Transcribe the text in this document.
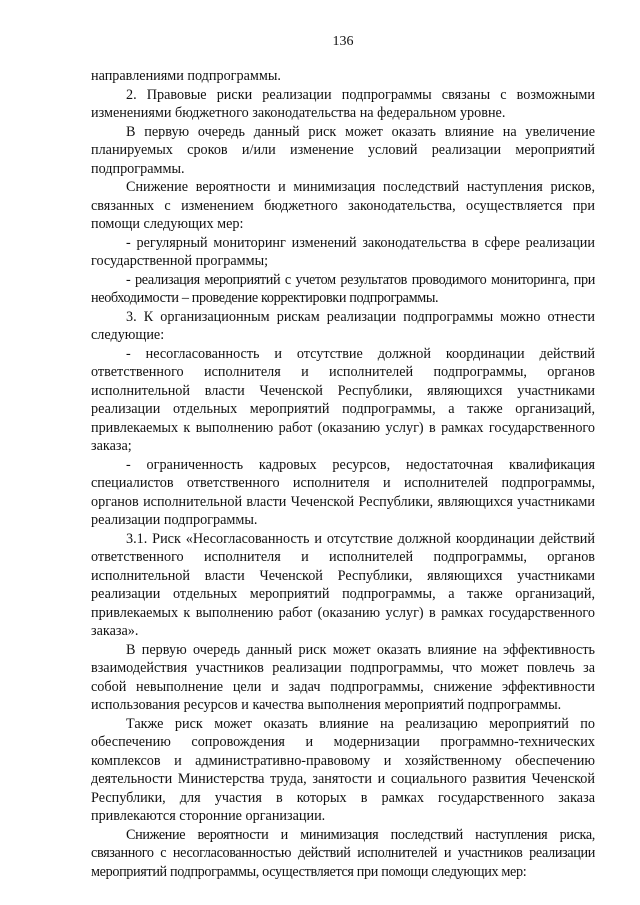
136

направлениями подпрограммы.

2. Правовые риски реализации подпрограммы связаны с возможными изменениями бюджетного законодательства на федеральном уровне.

В первую очередь данный риск может оказать влияние на увеличение планируемых сроков и/или изменение условий реализации мероприятий подпрограммы.

Снижение вероятности и минимизация последствий наступления рисков, связанных с изменением бюджетного законодательства, осуществляется при помощи следующих мер:

- регулярный мониторинг изменений законодательства в сфере реализации государственной программы;

- реализация мероприятий с учетом результатов проводимого мониторинга, при необходимости – проведение корректировки подпрограммы.

3. К организационным рискам реализации подпрограммы можно отнести следующие:

- несогласованность и отсутствие должной координации действий ответственного исполнителя и исполнителей подпрограммы, органов исполнительной власти Чеченской Республики, являющихся участниками реализации отдельных мероприятий подпрограммы, а также организаций, привлекаемых к выполнению работ (оказанию услуг) в рамках государственного заказа;

- ограниченность кадровых ресурсов, недостаточная квалификация специалистов ответственного исполнителя и исполнителей подпрограммы, органов исполнительной власти Чеченской Республики, являющихся участниками реализации подпрограммы.

3.1. Риск «Несогласованность и отсутствие должной координации действий ответственного исполнителя и исполнителей подпрограммы, органов исполнительной власти Чеченской Республики, являющихся участниками реализации отдельных мероприятий подпрограммы, а также организаций, привлекаемых к выполнению работ (оказанию услуг) в рамках государственного заказа».

В первую очередь данный риск может оказать влияние на эффективность взаимодействия участников реализации подпрограммы, что может повлечь за собой невыполнение цели и задач подпрограммы, снижение эффективности использования ресурсов и качества выполнения мероприятий подпрограммы.

Также риск может оказать влияние на реализацию мероприятий по обеспечению сопровождения и модернизации программно-технических комплексов и административно-правовому и хозяйственному обеспечению деятельности Министерства труда, занятости и социального развития Чеченской Республики, для участия в которых в рамках государственного заказа привлекаются сторонние организации.

Снижение вероятности и минимизация последствий наступления риска, связанного с несогласованностью действий исполнителей и участников реализации мероприятий подпрограммы, осуществляется при помощи следующих мер:
